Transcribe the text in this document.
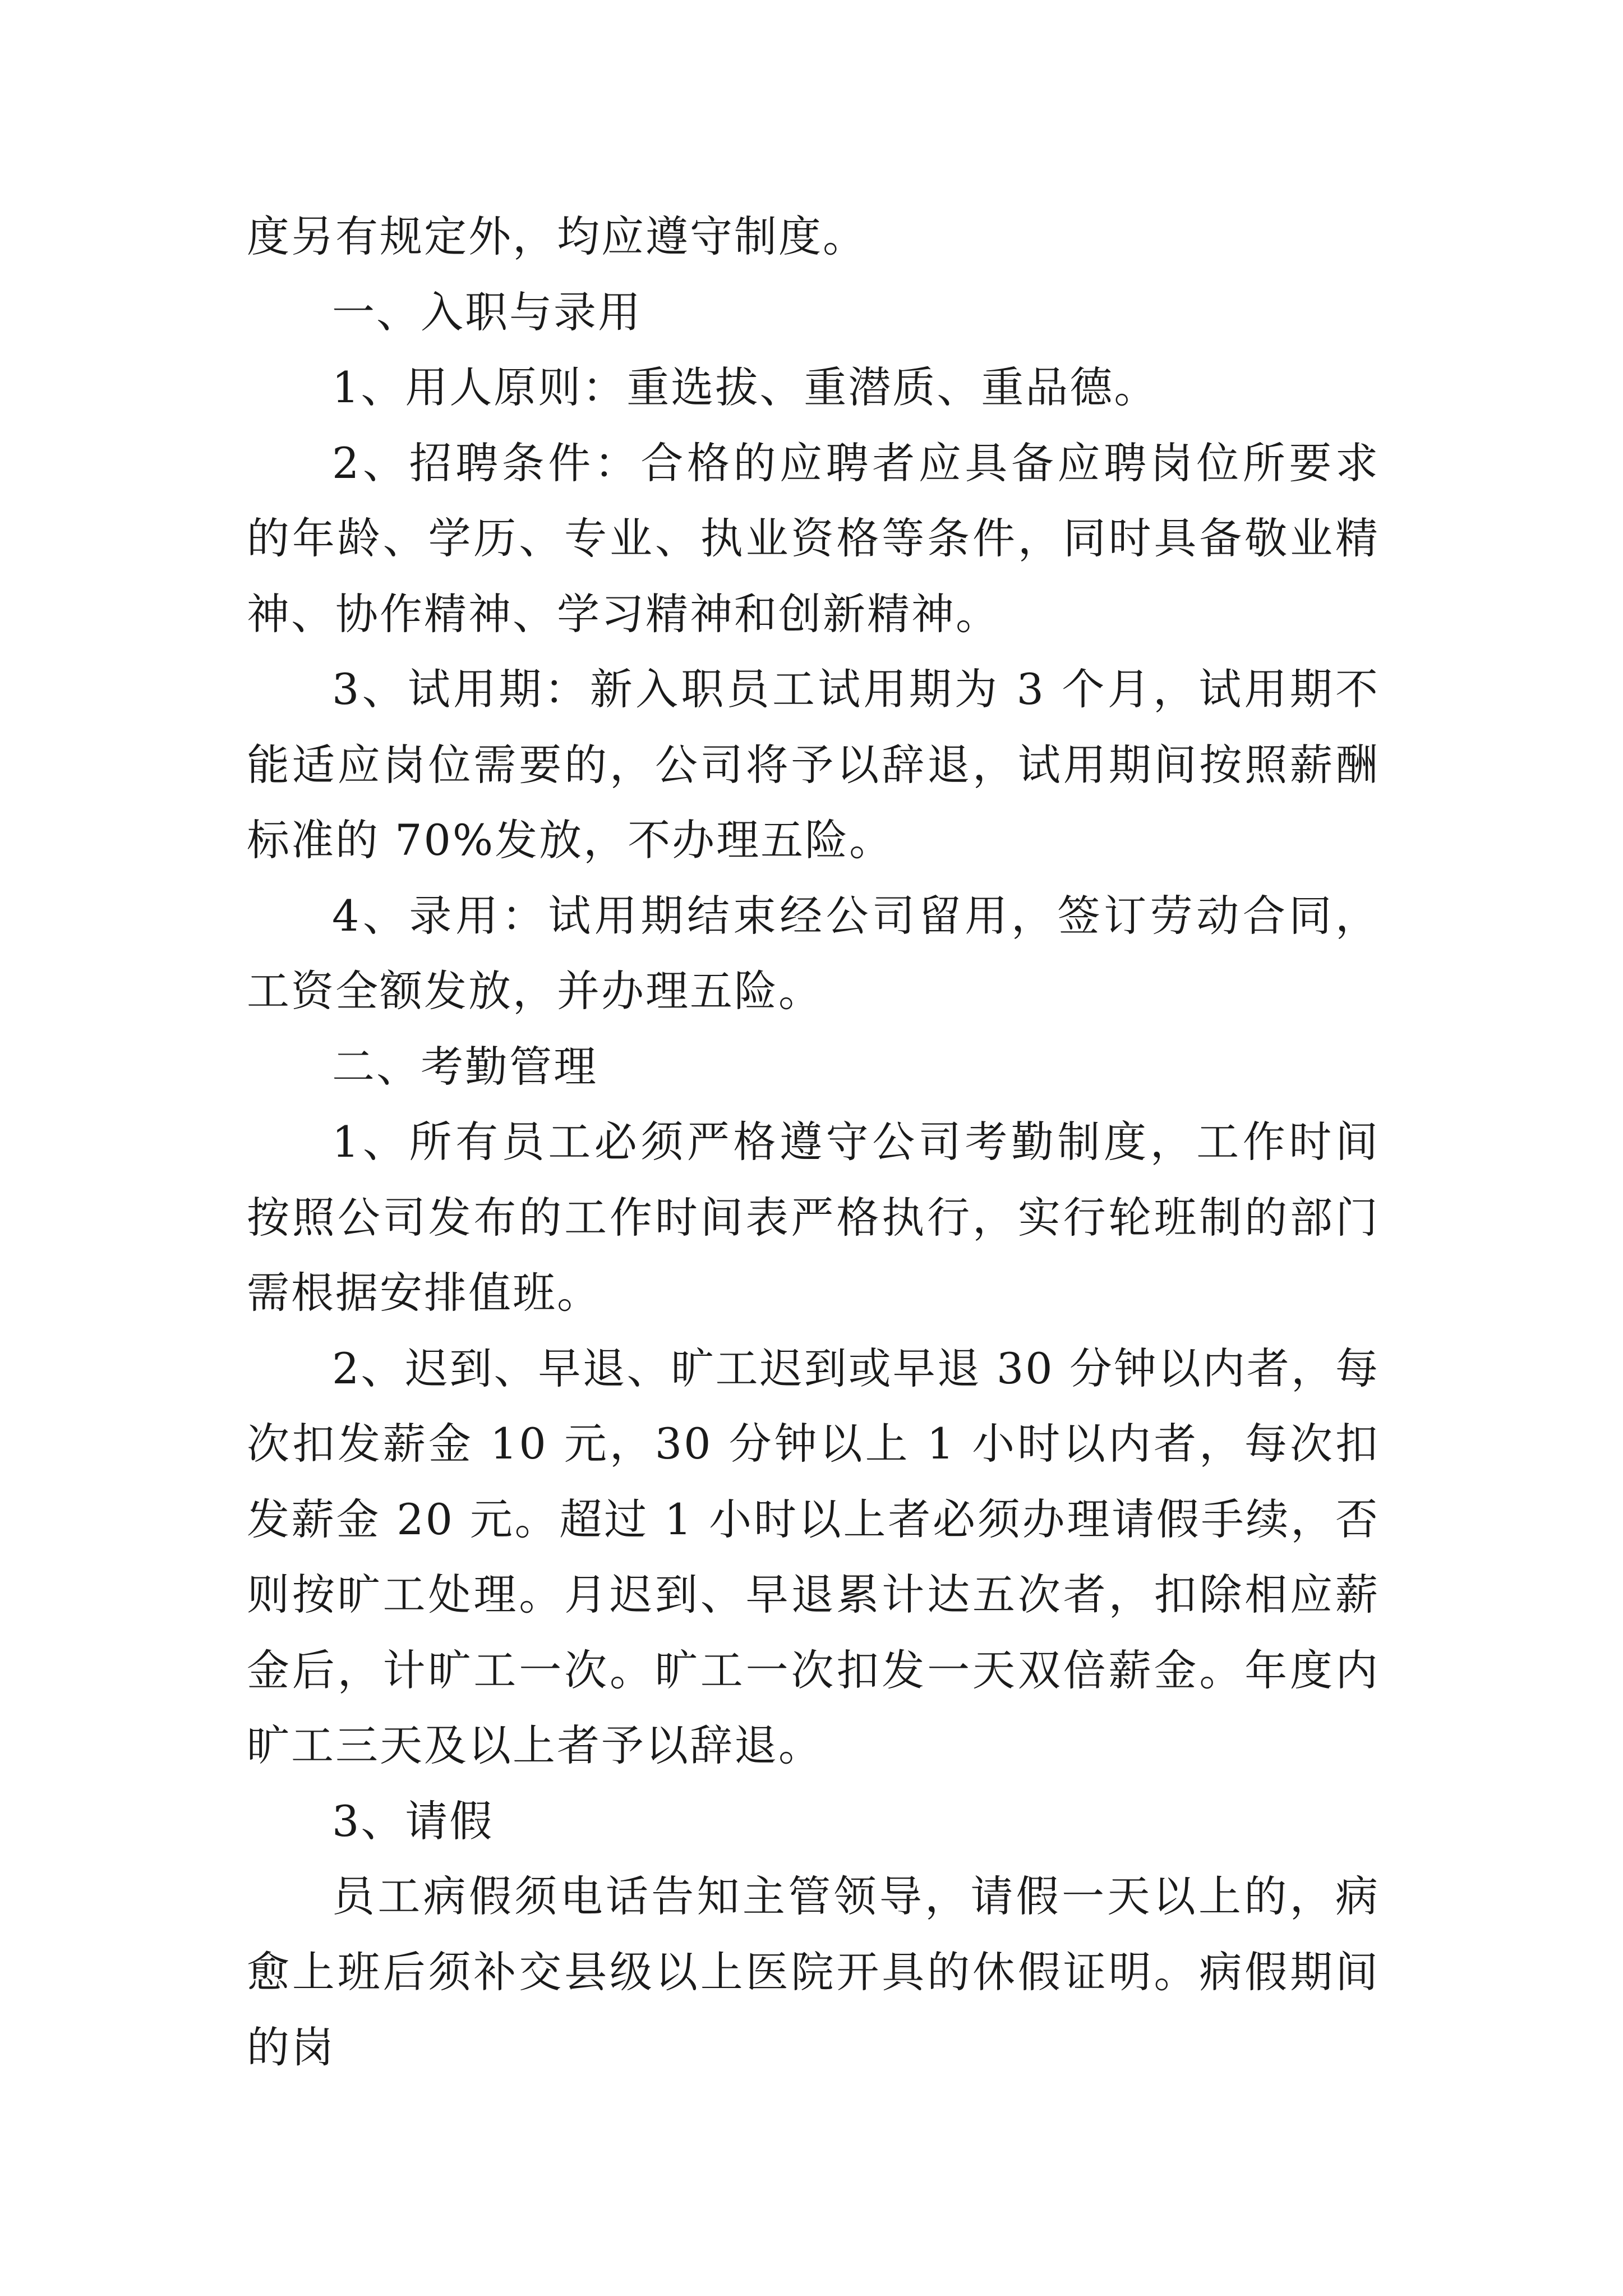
度另有规定外，均应遵守制度。

一、入职与录用

1、用人原则：重选拔、重潜质、重品德。

2、招聘条件：合格的应聘者应具备应聘岗位所要求的年龄、学历、专业、执业资格等条件，同时具备敬业精神、协作精神、学习精神和创新精神。

3、试用期：新入职员工试用期为 3 个月，试用期不能适应岗位需要的，公司将予以辞退，试用期间按照薪酬标准的 70%发放，不办理五险。

4、录用：试用期结束经公司留用，签订劳动合同，工资全额发放，并办理五险。

二、考勤管理

1、所有员工必须严格遵守公司考勤制度，工作时间按照公司发布的工作时间表严格执行，实行轮班制的部门需根据安排值班。

2、迟到、早退、旷工迟到或早退 30 分钟以内者，每次扣发薪金 10 元，30 分钟以上 1 小时以内者，每次扣发薪金 20 元。超过 1 小时以上者必须办理请假手续，否则按旷工处理。月迟到、早退累计达五次者，扣除相应薪金后，计旷工一次。旷工一次扣发一天双倍薪金。年度内旷工三天及以上者予以辞退。

3、请假

员工病假须电话告知主管领导，请假一天以上的，病愈上班后须补交县级以上医院开具的休假证明。病假期间的岗
